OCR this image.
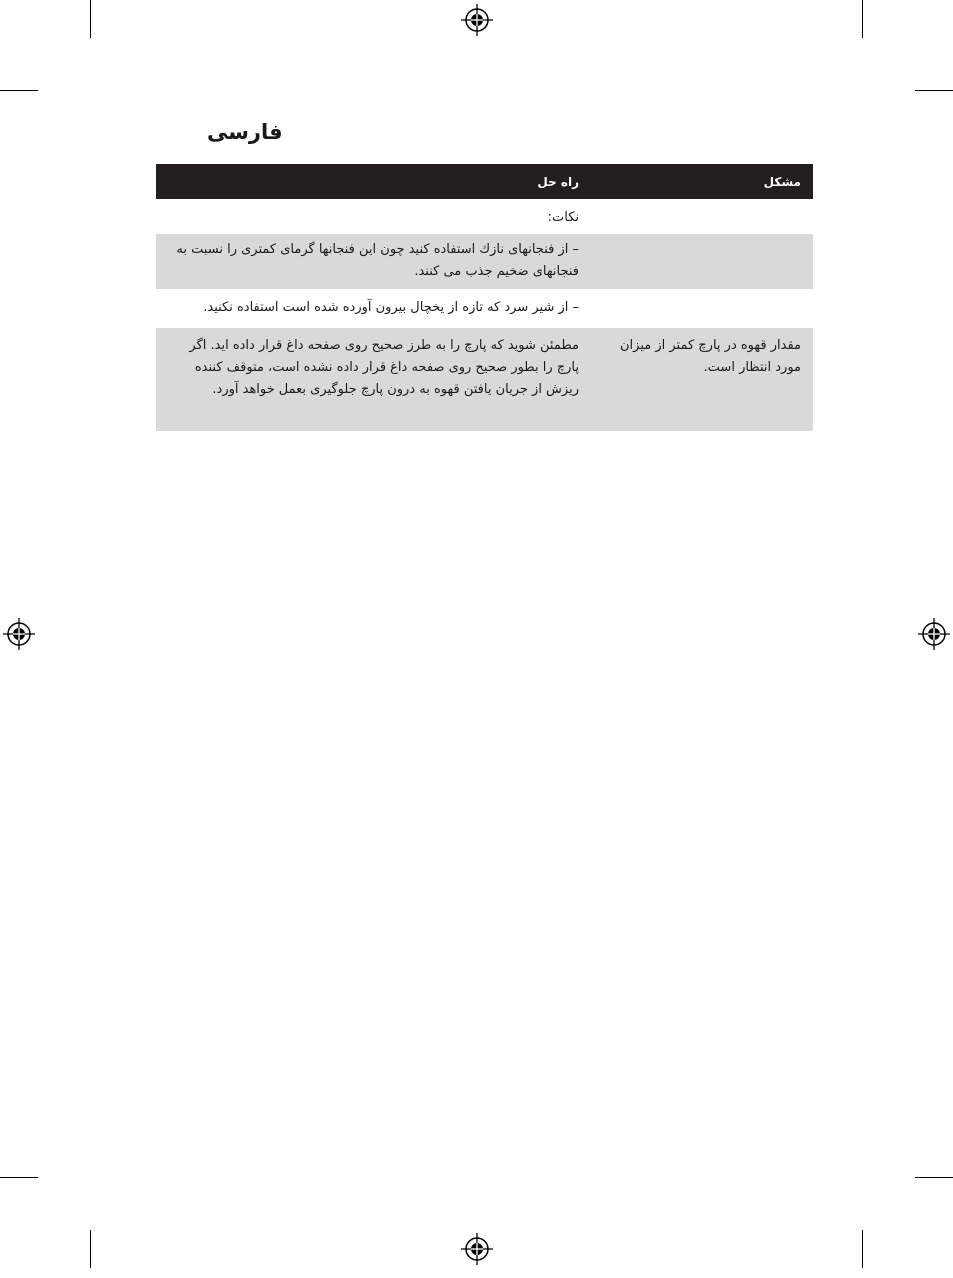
فارسی
مشکل
راه حل
نکات:
– از فنجانهای نازك استفاده کنید چون این فنجانها گرمای کمتری را نسبت به فنجانهای ضخیم جذب می کنند.
– از شیر سرد که تازه از یخچال بیرون آورده شده است استفاده نکنید.
مقدار قهوه در پارچ کمتر از میزان مورد انتظار است.
مطمئن شوید که پارچ را به طرز صحیح روی صفحه داغ قرار داده اید. اگر پارچ را بطور صحیح روی صفحه داغ قرار داده نشده است، متوقف کننده ریزش از جریان یافتن قهوه به درون پارچ جلوگیری بعمل خواهد آورد.
